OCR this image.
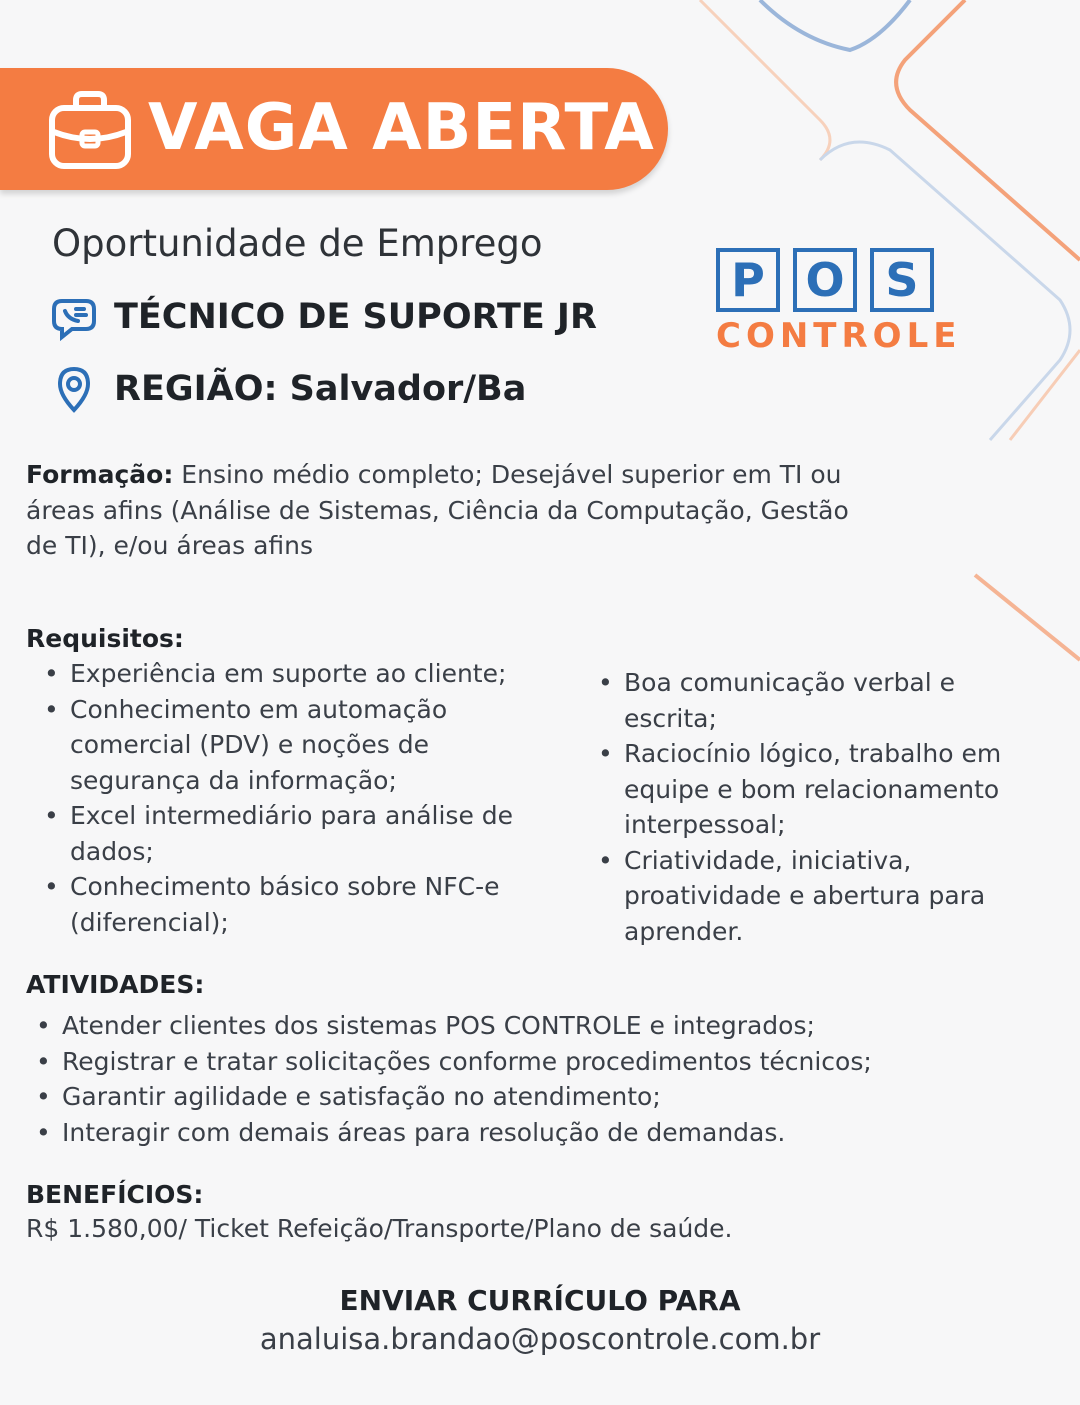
VAGA ABERTA
Oportunidade de Emprego
TÉCNICO DE SUPORTE JR
REGIÃO: Salvador/Ba
P O S
CONTROLE
Formação: Ensino médio completo; Desejável superior em TI ou
áreas afins (Análise de Sistemas, Ciência da Computação, Gestão
de TI), e/ou áreas afins
Requisitos:
• Experiência em suporte ao cliente;
• Conhecimento em automação
comercial (PDV) e noções de
segurança da informação;
• Excel intermediário para análise de
dados;
• Conhecimento básico sobre NFC-e
(diferencial);
• Boa comunicação verbal e
escrita;
• Raciocínio lógico, trabalho em
equipe e bom relacionamento
interpessoal;
• Criatividade, iniciativa,
proatividade e abertura para
aprender.
ATIVIDADES:
• Atender clientes dos sistemas POS CONTROLE e integrados;
• Registrar e tratar solicitações conforme procedimentos técnicos;
• Garantir agilidade e satisfação no atendimento;
• Interagir com demais áreas para resolução de demandas.
BENEFÍCIOS:
R$ 1.580,00/ Ticket Refeição/Transporte/Plano de saúde.
ENVIAR CURRÍCULO PARA
analuisa.brandao@poscontrole.com.br
